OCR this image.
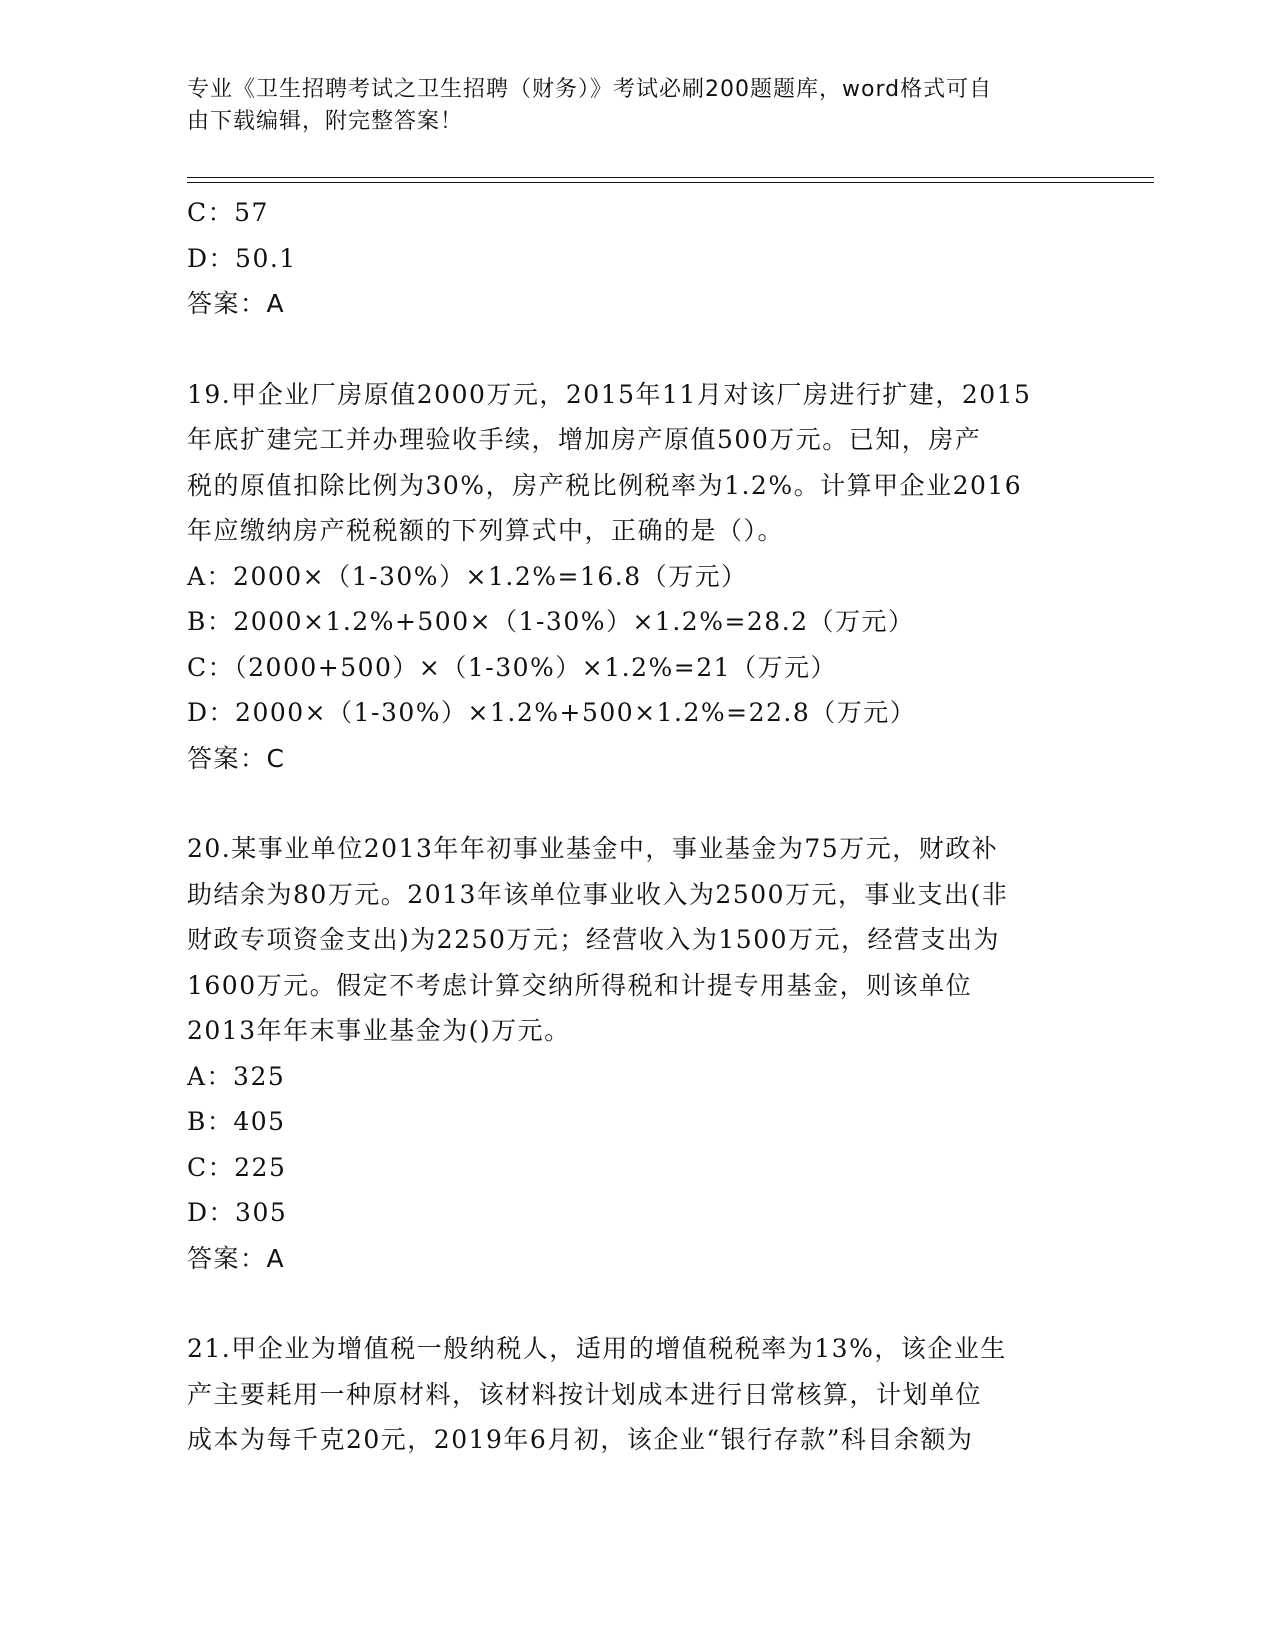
专业《卫生招聘考试之卫生招聘（财务）》考试必刷200题题库，word格式可自
由下载编辑，附完整答案！
C：57
D：50.1
答案：A
19.甲企业厂房原值2000万元，2015年11月对该厂房进行扩建，2015
年底扩建完工并办理验收手续，增加房产原值500万元。已知，房产
税的原值扣除比例为30%，房产税比例税率为1.2%。计算甲企业2016
年应缴纳房产税税额的下列算式中，正确的是（）。
A：2000×（1-30%）×1.2%=16.8（万元）
B：2000×1.2%+500×（1-30%）×1.2%=28.2（万元）
C：（2000+500）×（1-30%）×1.2%=21（万元）
D：2000×（1-30%）×1.2%+500×1.2%=22.8（万元）
答案：C
20.某事业单位2013年年初事业基金中，事业基金为75万元，财政补
助结余为80万元。2013年该单位事业收入为2500万元，事业支出(非
财政专项资金支出)为2250万元；经营收入为1500万元，经营支出为
1600万元。假定不考虑计算交纳所得税和计提专用基金，则该单位
2013年年末事业基金为()万元。
A：325
B：405
C：225
D：305
答案：A
21.甲企业为增值税一般纳税人，适用的增值税税率为13%，该企业生
产主要耗用一种原材料，该材料按计划成本进行日常核算，计划单位
成本为每千克20元，2019年6月初，该企业“银行存款”科目余额为
